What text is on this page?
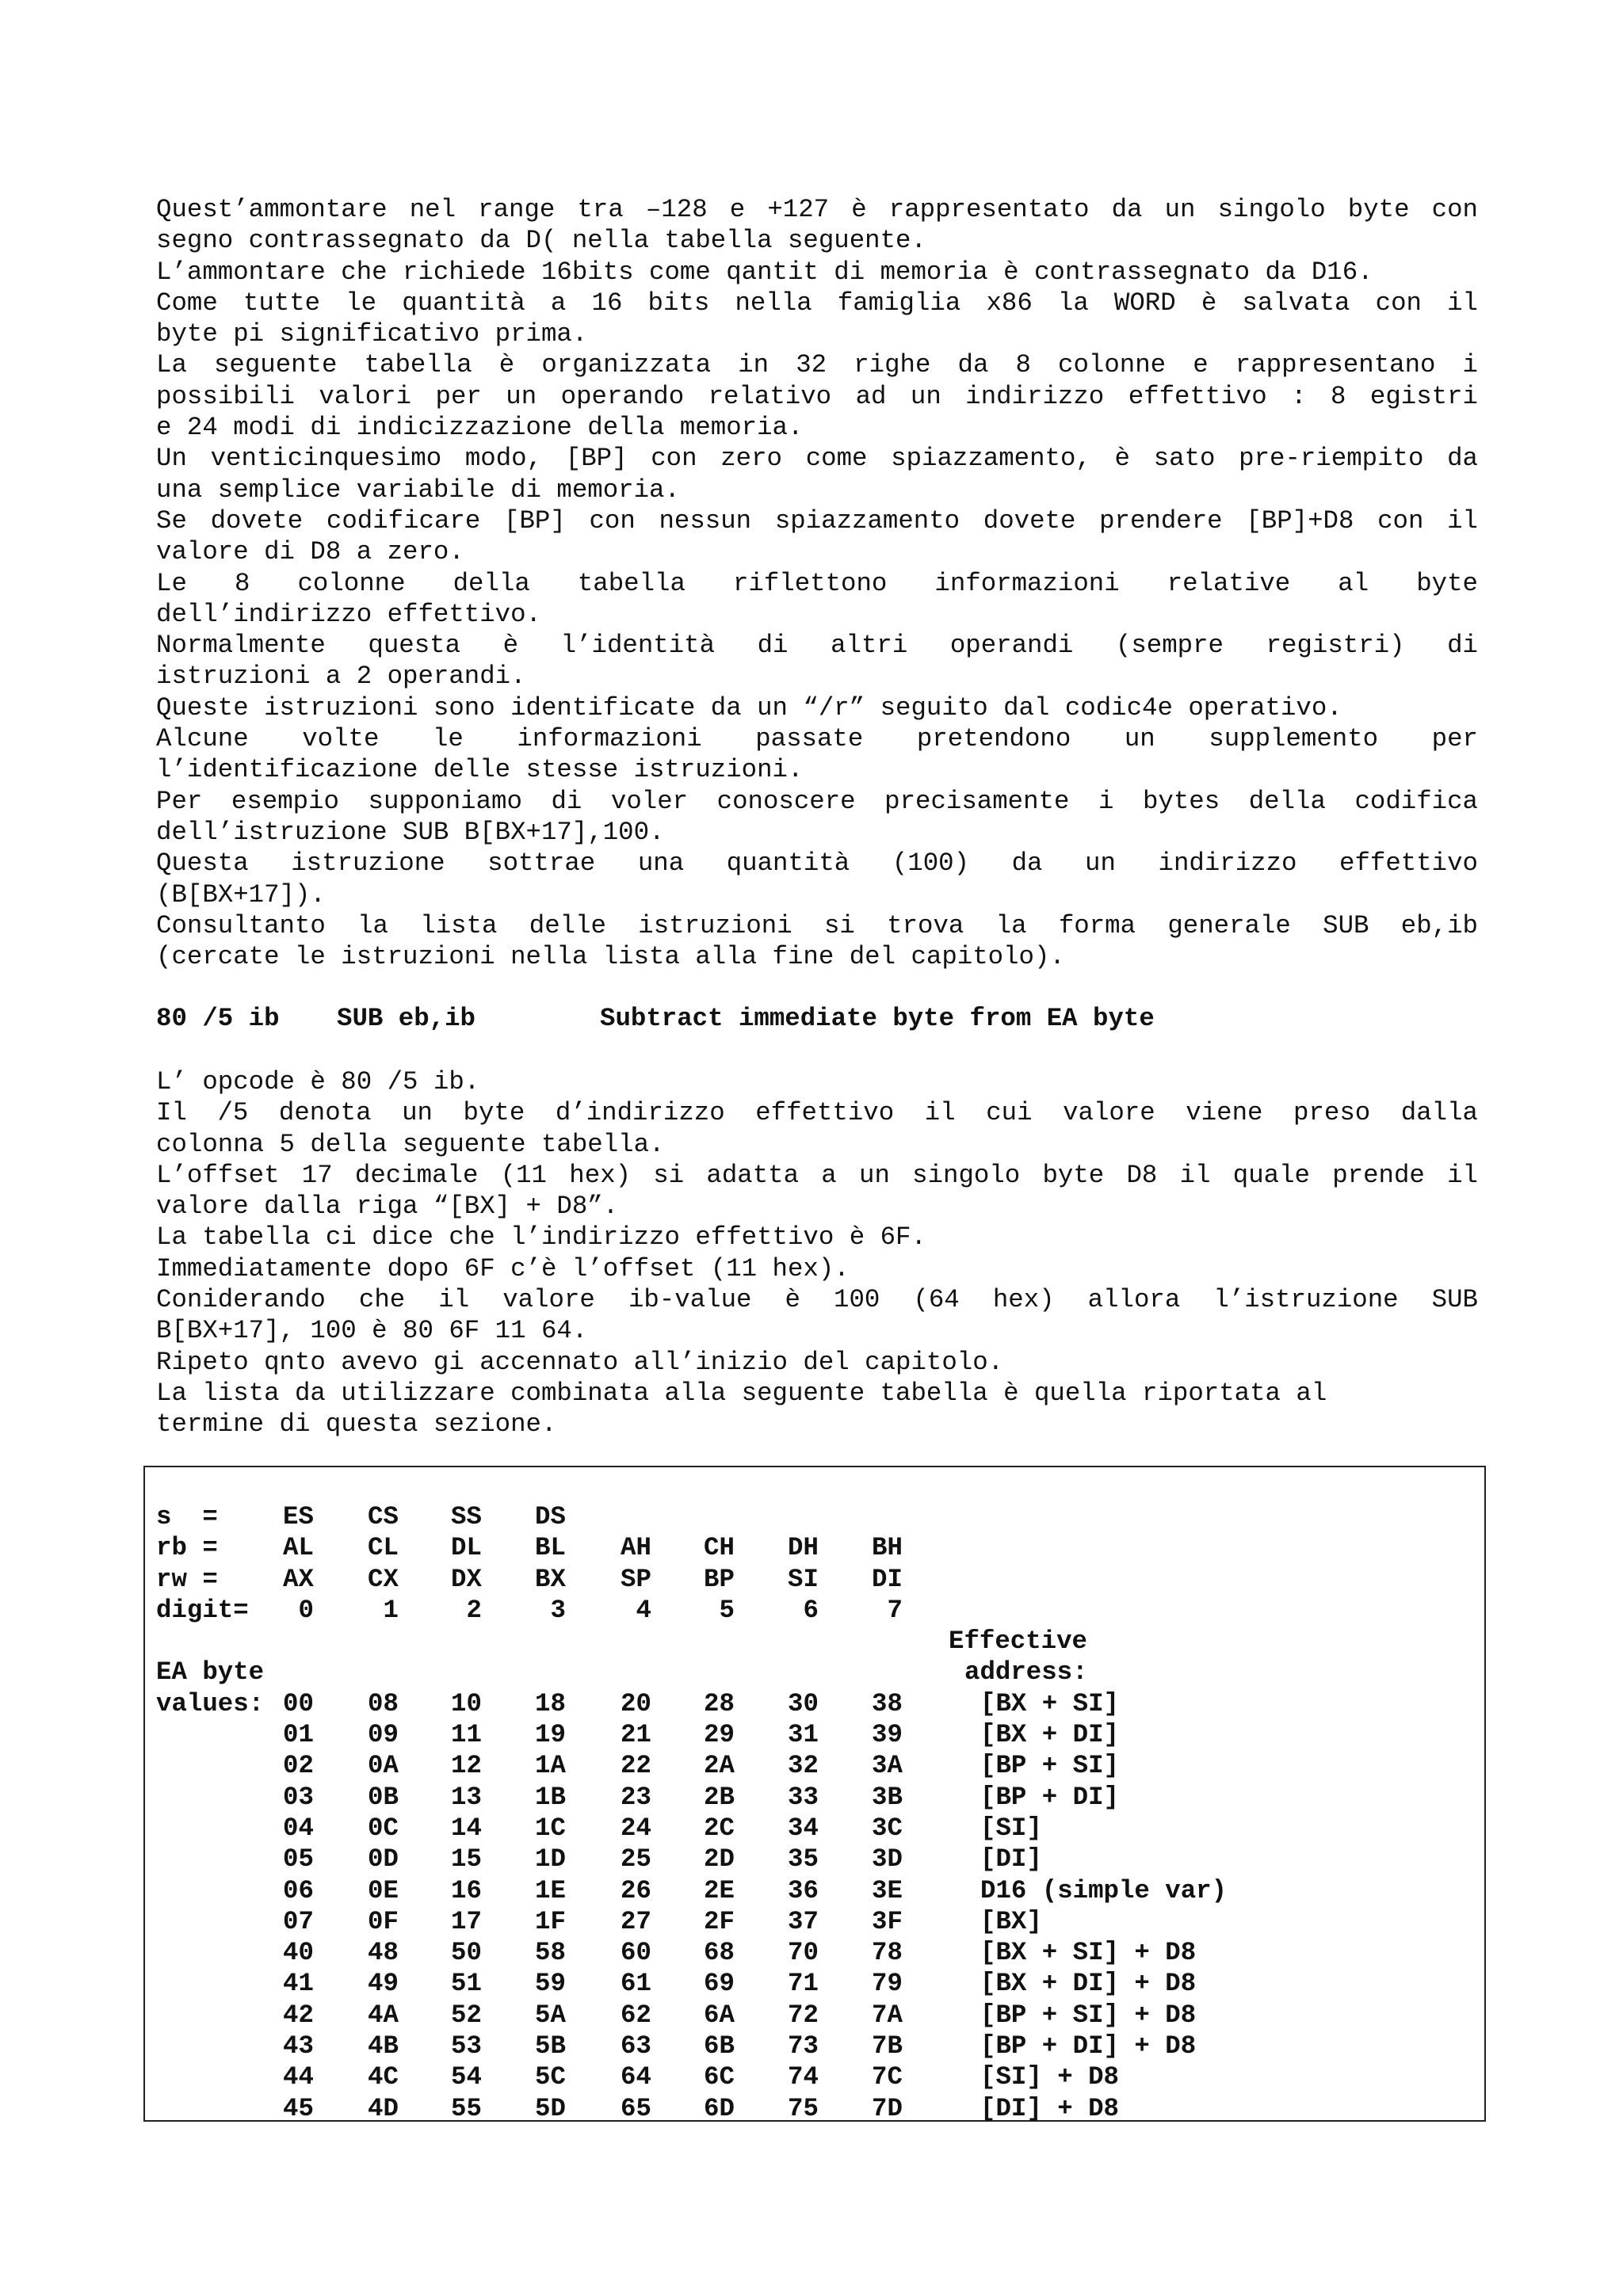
Quest’ammontare nel range tra –128 e +127 è rappresentato da un singolo byte con
segno contrassegnato da D( nella tabella seguente.
L’ammontare che richiede 16bits come qantit di memoria è contrassegnato da D16.
Come tutte le quantità a 16 bits nella famiglia x86 la WORD è salvata con il
byte pi significativo prima.
La seguente tabella è organizzata in 32 righe da 8 colonne e rappresentano i
possibili valori per un operando relativo ad un indirizzo effettivo : 8 egistri
e 24 modi di indicizzazione della memoria.
Un venticinquesimo modo, [BP] con zero come spiazzamento, è sato pre-riempito da
una semplice variabile di memoria.
Se dovete codificare [BP] con nessun spiazzamento dovete prendere [BP]+D8 con il
valore di D8 a zero.
Le 8 colonne della tabella riflettono informazioni relative al byte
dell’indirizzo effettivo.
Normalmente questa è l’identità di altri operandi (sempre registri) di
istruzioni a 2 operandi.
Queste istruzioni sono identificate da un “/r” seguito dal codic4e operativo.
Alcune volte le informazioni passate pretendono un supplemento per
l’identificazione delle stesse istruzioni.
Per esempio supponiamo di voler conoscere precisamente i bytes della codifica
dell’istruzione SUB B[BX+17],100.
Questa istruzione sottrae una quantità (100) da un indirizzo effettivo
(B[BX+17]).
Consultanto la lista delle istruzioni si trova la forma generale SUB eb,ib
(cercate le istruzioni nella lista alla fine del capitolo).

80 /5 ib

SUB eb,ib

	Subtract immediate byte from EA byte

L’ opcode è 80 /5 ib.
Il /5 denota un byte d’indirizzo effettivo il cui valore viene preso dalla
colonna 5 della seguente tabella.
L’offset 17 decimale (11 hex) si adatta a un singolo byte D8 il quale prende il
valore dalla riga “[BX] + D8”.
La tabella ci dice che l’indirizzo effettivo è 6F.
Immediatamente dopo 6F c’è l’offset (11 hex).
Coniderando che il valore ib-value è 100 (64 hex) allora l’istruzione SUB
B[BX+17], 100 è 80 6F 11 64.
Ripeto qnto avevo gi accennato all’inizio del capitolo.
La lista da utilizzare combinata alla seguente tabella è quella riportata al
termine di questa sezione.
s  =	ES CS SS DS
rb =	AL CL DL BL AH CH DH BH
rw =	AX CX DX BX SP BP SI DI
digit= 0 1 2 3 4 5 6 7
Effective
EA byte	address:
values: 00 08 10 18 20 28 30 38	[BX + SI]
01 09 11 19 21 29 31 39	[BX + DI]
02 0A 12 1A 22 2A 32 3A	[BP + SI]
03 0B 13 1B 23 2B 33 3B	[BP + DI]
04 0C 14 1C 24 2C 34 3C	[SI]
05 0D 15 1D 25 2D 35 3D	[DI]
06 0E 16 1E 26 2E 36 3E	D16 (simple var)
07 0F 17 1F 27 2F 37 3F	[BX]
40 48 50 58 60 68 70 78	[BX + SI] + D8
41 49 51 59 61 69 71 79	[BX + DI] + D8
42 4A 52 5A 62 6A 72 7A	[BP + SI] + D8
43 4B 53 5B 63 6B 73 7B	[BP + DI] + D8
44 4C 54 5C 64 6C 74 7C	[SI] + D8
45 4D 55 5D 65 6D 75 7D	[DI] + D8
